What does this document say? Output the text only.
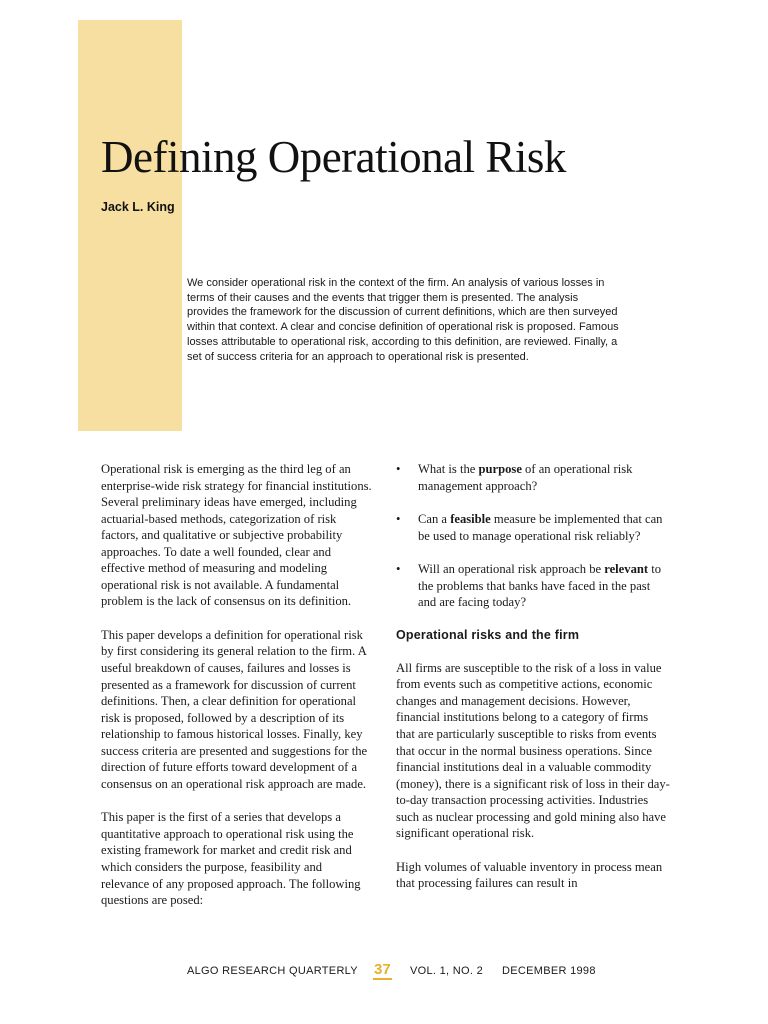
Defining Operational Risk
Jack L. King

We consider operational risk in the context of the firm. An analysis of various losses in terms of their causes and the events that trigger them is presented. The analysis provides the framework for the discussion of current definitions, which are then surveyed within that context. A clear and concise definition of operational risk is proposed. Famous losses attributable to operational risk, according to this definition, are reviewed. Finally, a set of success criteria for an approach to operational risk is presented.

Operational risk is emerging as the third leg of an enterprise-wide risk strategy for financial institutions. Several preliminary ideas have emerged, including actuarial-based methods, categorization of risk factors, and qualitative or subjective probability approaches. To date a well founded, clear and effective method of measuring and modeling operational risk is not available. A fundamental problem is the lack of consensus on its definition.

This paper develops a definition for operational risk by first considering its general relation to the firm. A useful breakdown of causes, failures and losses is presented as a framework for discussion of current definitions. Then, a clear definition for operational risk is proposed, followed by a description of its relationship to famous historical losses. Finally, key success criteria are presented and suggestions for the direction of future efforts toward development of a consensus on an operational risk approach are made.

This paper is the first of a series that develops a quantitative approach to operational risk using the existing framework for market and credit risk and which considers the purpose, feasibility and relevance of any proposed approach. The following questions are posed:

• What is the purpose of an operational risk management approach?
• Can a feasible measure be implemented that can be used to manage operational risk reliably?
• Will an operational risk approach be relevant to the problems that banks have faced in the past and are facing today?
Operational risks and the firm

All firms are susceptible to the risk of a loss in value from events such as competitive actions, economic changes and management decisions. However, financial institutions belong to a category of firms that are particularly susceptible to risks from events that occur in the normal business operations. Since financial institutions deal in a valuable commodity (money), there is a significant risk of loss in their day-to-day transaction processing activities. Industries such as nuclear processing and gold mining also have significant operational risk.

High volumes of valuable inventory in process mean that processing failures can result in

ALGO RESEARCH QUARTERLY 37 VOL. 1, NO. 2 DECEMBER 1998
